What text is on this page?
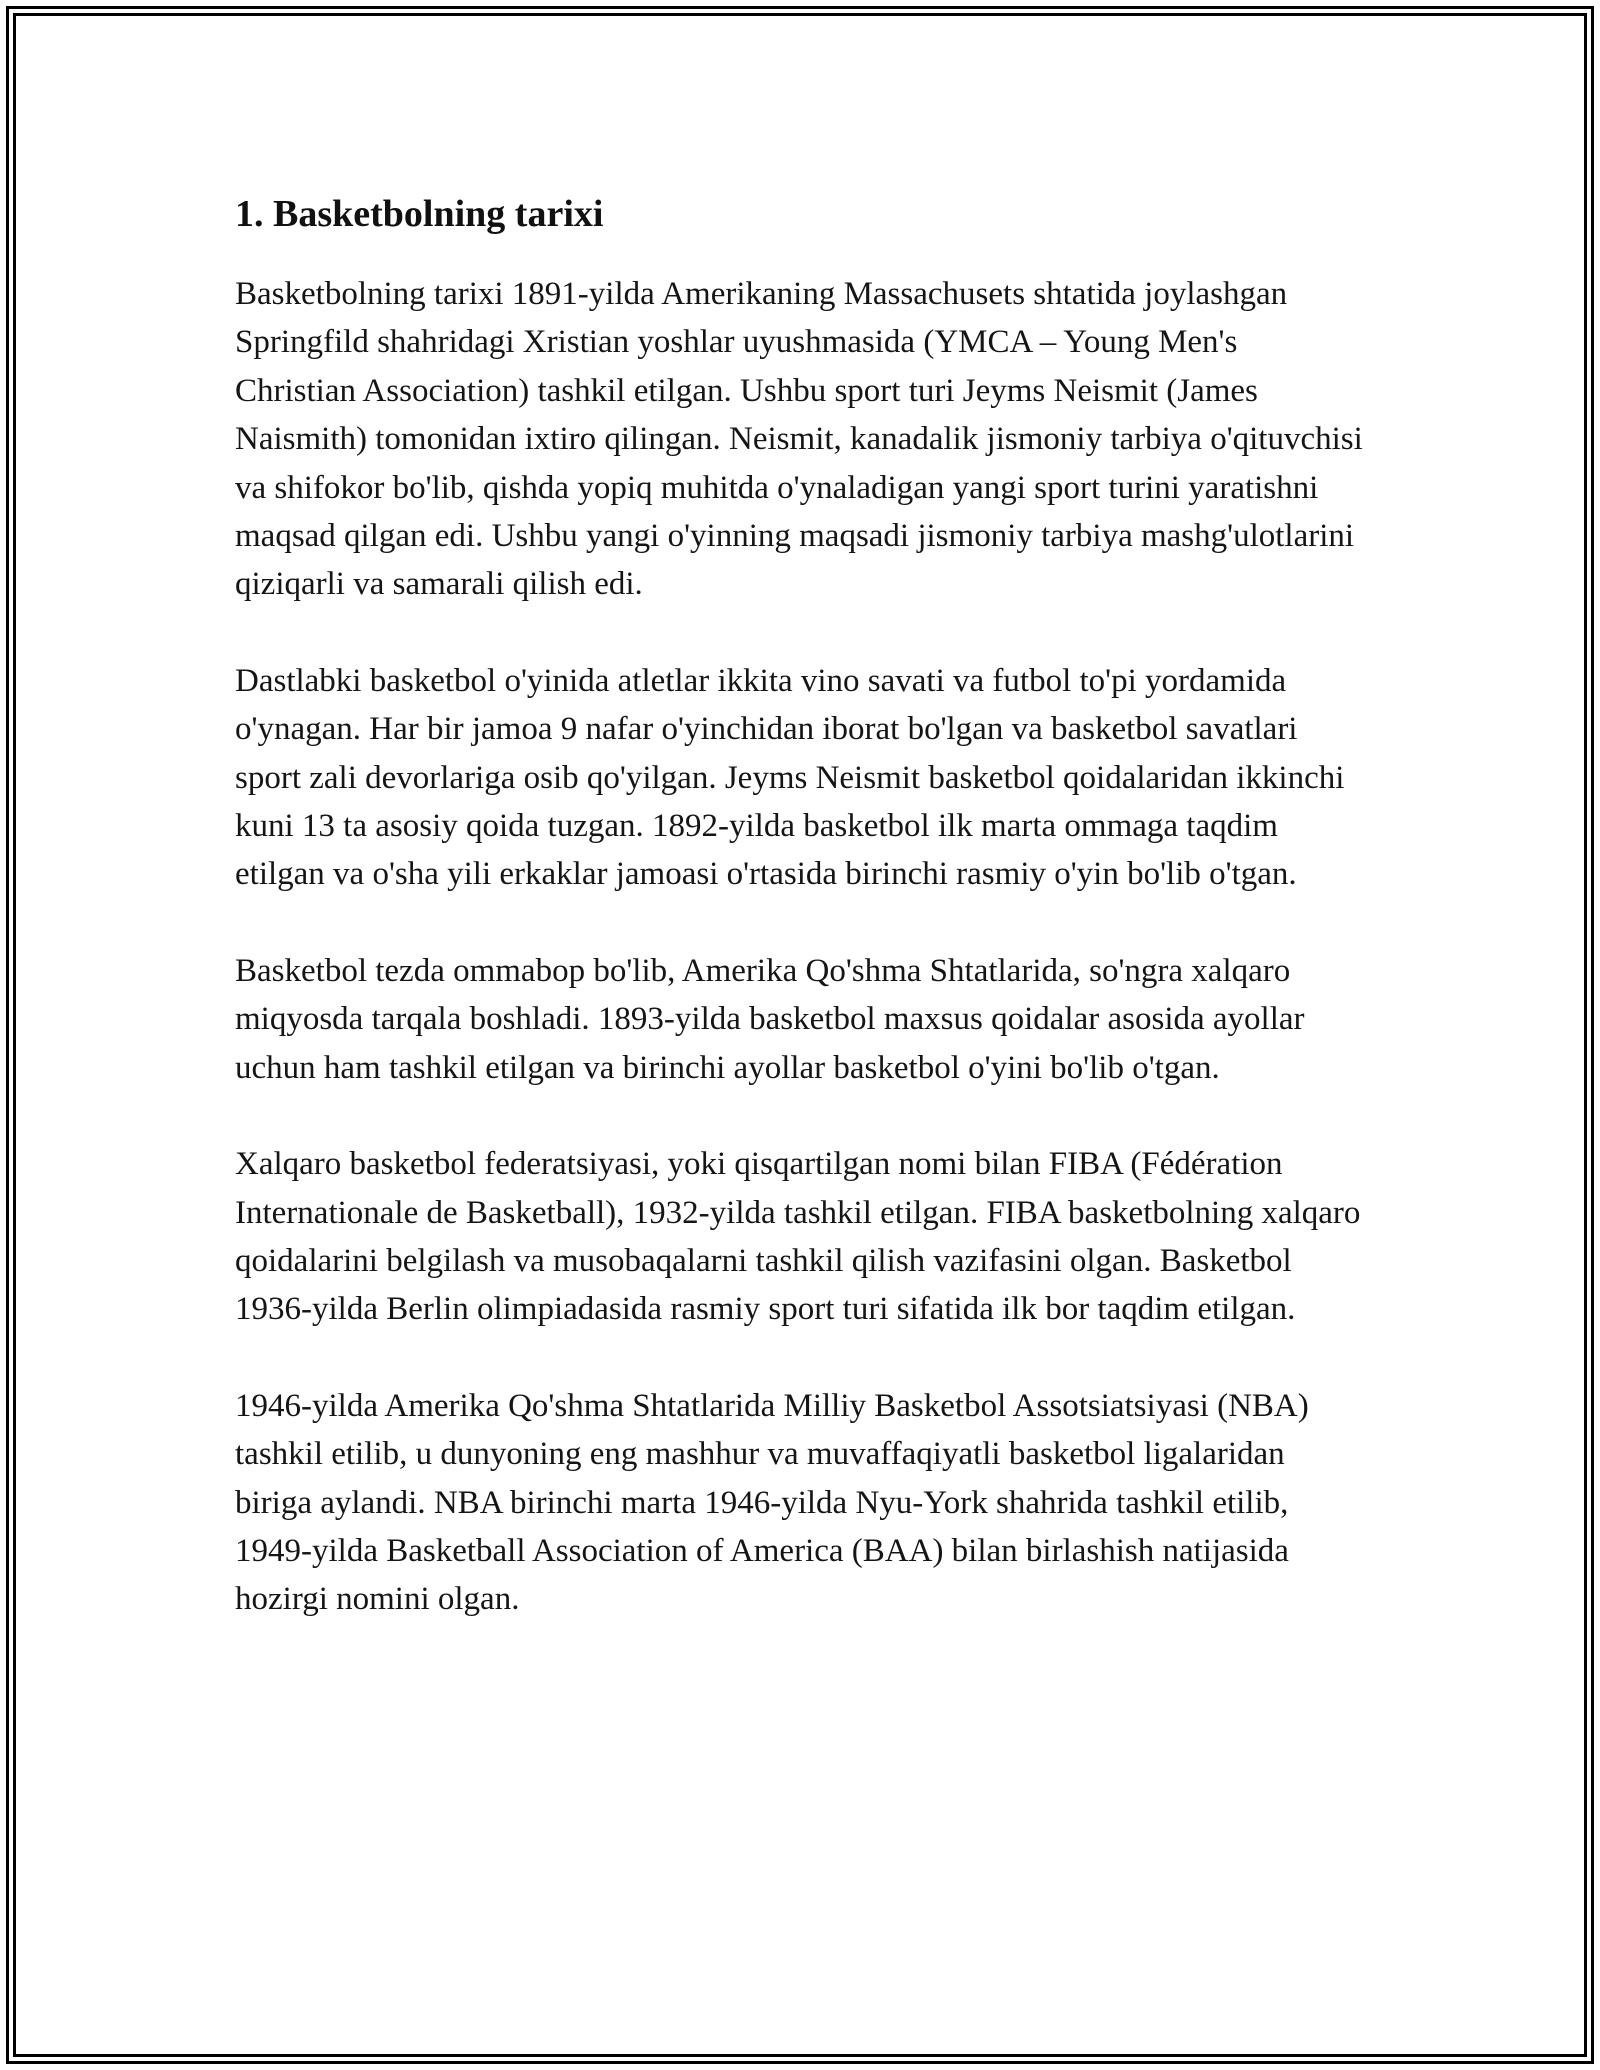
1. Basketbolning tarixi

Basketbolning tarixi 1891-yilda Amerikaning Massachusets shtatida joylashgan Springfild shahridagi Xristian yoshlar uyushmasida (YMCA – Young Men's Christian Association) tashkil etilgan. Ushbu sport turi Jeyms Neismit (James Naismith) tomonidan ixtiro qilingan. Neismit, kanadalik jismoniy tarbiya o'qituvchisi va shifokor bo'lib, qishda yopiq muhitda o'ynaladigan yangi sport turini yaratishni maqsad qilgan edi. Ushbu yangi o'yinning maqsadi jismoniy tarbiya mashg'ulotlarini qiziqarli va samarali qilish edi.

Dastlabki basketbol o'yinida atletlar ikkita vino savati va futbol to'pi yordamida o'ynagan. Har bir jamoa 9 nafar o'yinchidan iborat bo'lgan va basketbol savatlari sport zali devorlariga osib qo'yilgan. Jeyms Neismit basketbol qoidalaridan ikkinchi kuni 13 ta asosiy qoida tuzgan. 1892-yilda basketbol ilk marta ommaga taqdim etilgan va o'sha yili erkaklar jamoasi o'rtasida birinchi rasmiy o'yin bo'lib o'tgan.

Basketbol tezda ommabop bo'lib, Amerika Qo'shma Shtatlarida, so'ngra xalqaro miqyosda tarqala boshladi. 1893-yilda basketbol maxsus qoidalar asosida ayollar uchun ham tashkil etilgan va birinchi ayollar basketbol o'yini bo'lib o'tgan.

Xalqaro basketbol federatsiyasi, yoki qisqartilgan nomi bilan FIBA (Fédération Internationale de Basketball), 1932-yilda tashkil etilgan. FIBA basketbolning xalqaro qoidalarini belgilash va musobaqalarni tashkil qilish vazifasini olgan. Basketbol 1936-yilda Berlin olimpiadasida rasmiy sport turi sifatida ilk bor taqdim etilgan.

1946-yilda Amerika Qo'shma Shtatlarida Milliy Basketbol Assotsiatsiyasi (NBA) tashkil etilib, u dunyoning eng mashhur va muvaffaqiyatli basketbol ligalaridan biriga aylandi. NBA birinchi marta 1946-yilda Nyu-York shahrida tashkil etilib, 1949-yilda Basketball Association of America (BAA) bilan birlashish natijasida hozirgi nomini olgan.
